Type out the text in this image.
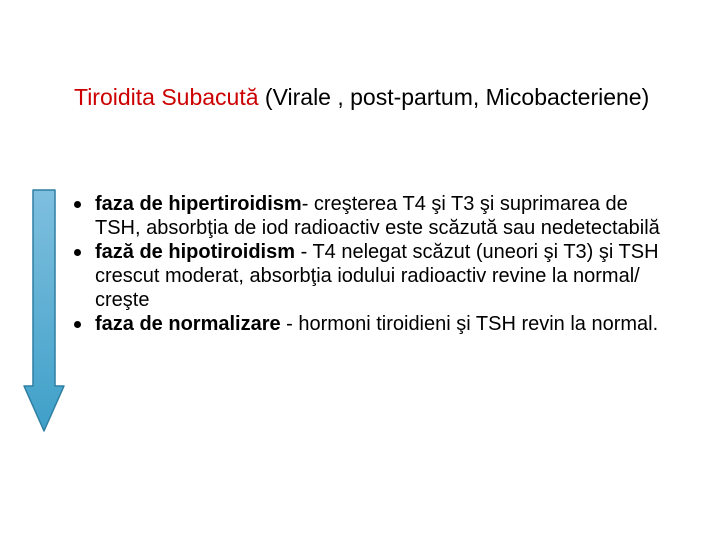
Tiroidita Subacută (Virale , post-partum, Micobacteriene)
faza de hipertiroidism- creşterea T4 şi T3 şi suprimarea de TSH, absorbţia de iod radioactiv este scăzută sau nedetectabilă
fază de hipotiroidism - T4 nelegat scăzut (uneori şi T3) şi TSH crescut moderat, absorbţia iodului radioactiv revine la normal/ creşte
faza de normalizare - hormoni tiroidieni şi TSH revin la normal.
